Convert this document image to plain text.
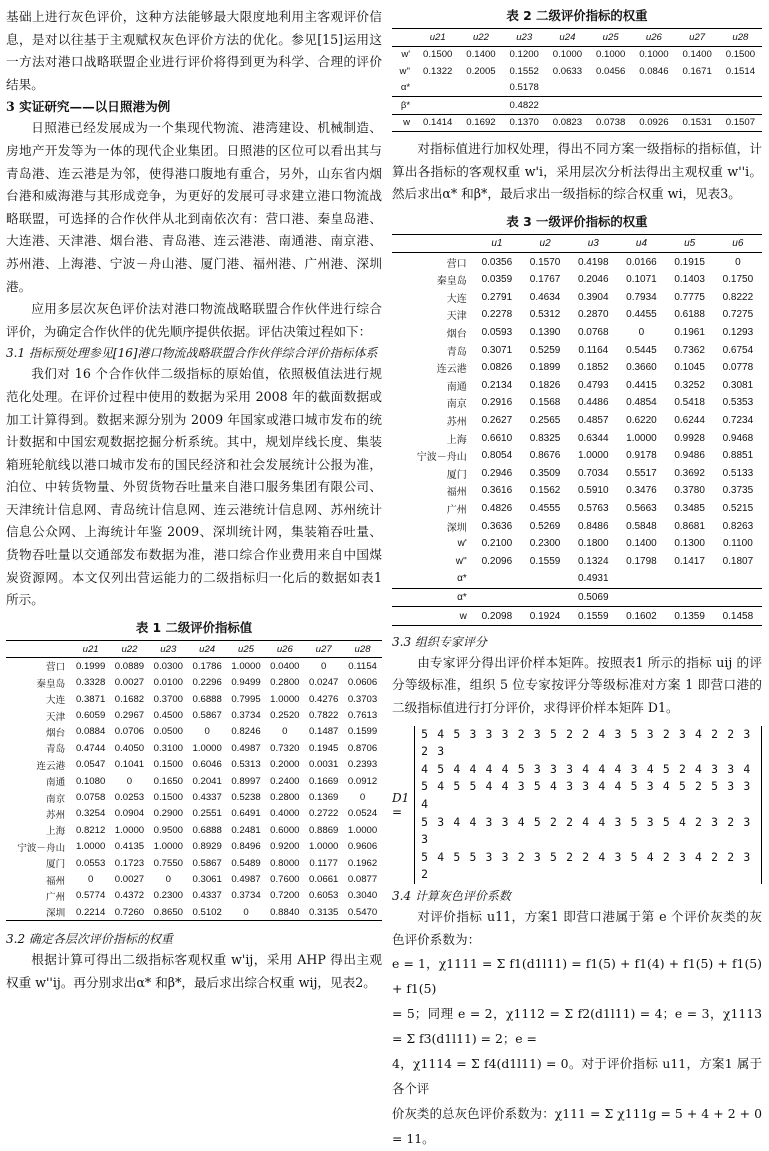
基础上进行灰色评价，这种方法能够最大限度地利用主客观评价信息，是对以往基于主观赋权灰色评价方法的优化。参见[15]运用这一方法对港口战略联盟企业进行评价将得到更为科学、合理的评价结果。

3 实证研究——以日照港为例

日照港已经发展成为一个集现代物流、港湾建设、机械制造、房地产开发等为一体的现代企业集团。日照港的区位可以看出其与青岛港、连云港是为邻，使得港口腹地有重合，另外，山东省内烟台港和威海港与其形成竞争，为更好的发展可寻求建立港口物流战略联盟，可选择的合作伙伴从北到南依次有：营口港、秦皇岛港、大连港、天津港、烟台港、青岛港、连云港港、南通港、南京港、苏州港、上海港、宁波－舟山港、厦门港、福州港、广州港、深圳港。

应用多层次灰色评价法对港口物流战略联盟合作伙伴进行综合评价，为确定合作伙伴的优先顺序提供依据。评估决策过程如下：

3.1 指标预处理参见[16]港口物流战略联盟合作伙伴综合评价指标体系

我们对 16 个合作伙伴二级指标的原始值，依照极值法进行规范化处理。在评价过程中使用的数据为采用 2008 年的截面数据或加工计算得到。数据来源分别为 2009 年国家或港口城市发布的统计数据和中国宏观数据挖掘分析系统。其中，规划岸线长度、集装箱班轮航线以港口城市发布的国民经济和社会发展统计公报为准，泊位、中转货物量、外贸货物吞吐量来自港口服务集团有限公司、天津统计信息网、青岛统计信息网、连云港统计信息网、苏州统计信息公众网、上海统计年鉴 2009、深圳统计网，集装箱吞吐量、货物吞吐量以交通部发布数据为准，港口综合作业费用来自中国煤炭资源网。本文仅列出营运能力的二级指标归一化后的数据如表1 所示。

表 1 二级评价指标值
	u21	u22	u23	u24	u25	u26	u27	u28
营口	0.1999	0.0889	0.0300	0.1786	1.0000	0.0400	0	0.1154
秦皇岛	0.3328	0.0027	0.0100	0.2296	0.9499	0.2800	0.0247	0.0606
大连	0.3871	0.1682	0.3700	0.6888	0.7995	1.0000	0.4276	0.3703
天津	0.6059	0.2967	0.4500	0.5867	0.3734	0.2520	0.7822	0.7613
烟台	0.0884	0.0706	0.0500	0	0.8246	0	0.1487	0.1599
青岛	0.4744	0.4050	0.3100	1.0000	0.4987	0.7320	0.1945	0.8706
连云港	0.0547	0.1041	0.1500	0.6046	0.5313	0.2000	0.0031	0.2393
南通	0.1080	0	0.1650	0.2041	0.8997	0.2400	0.1669	0.0912
南京	0.0758	0.0253	0.1500	0.4337	0.5238	0.2800	0.1369	0
苏州	0.3254	0.0904	0.2900	0.2551	0.6491	0.4000	0.2722	0.0524
上海	0.8212	1.0000	0.9500	0.6888	0.2481	0.6000	0.8869	1.0000
宁波－舟山	1.0000	0.4135	1.0000	0.8929	0.8496	0.9200	1.0000	0.9606
厦门	0.0553	0.1723	0.7550	0.5867	0.5489	0.8000	0.1177	0.1962
福州	0	0.0027	0	0.3061	0.4987	0.7600	0.0661	0.0877
广州	0.5774	0.4372	0.2300	0.4337	0.3734	0.7200	0.6053	0.3040
深圳	0.2214	0.7260	0.8650	0.5102	0	0.8840	0.3135	0.5470
3.2 确定各层次评价指标的权重

根据计算可得出二级指标客观权重 w'ij，采用 AHP 得出主观权重 w''ij。再分别求出α* 和β*，最后求出综合权重 wij，见表2。

表 2 二级评价指标的权重
	u21	u22	u23	u24	u25	u26	u27	u28
w'	0.1500	0.1400	0.1200	0.1000	0.1000	0.1000	0.1400	0.1500
w''	0.1322	0.2005	0.1552	0.0633	0.0456	0.0846	0.1671	0.1514
α*			0.5178					
β*			0.4822					
w	0.1414	0.1692	0.1370	0.0823	0.0738	0.0926	0.1531	0.1507

对指标值进行加权处理，得出不同方案一级指标的指标值，计算出各指标的客观权重 w'i，采用层次分析法得出主观权重 w''i。然后求出α* 和β*，最后求出一级指标的综合权重 wi，见表3。

表 3 一级评价指标的权重
	u1	u2	u3	u4	u5	u6
营口	0.0356	0.1570	0.4198	0.0166	0.1915	0
秦皇岛	0.0359	0.1767	0.2046	0.1071	0.1403	0.1750
大连	0.2791	0.4634	0.3904	0.7934	0.7775	0.8222
天津	0.2278	0.5312	0.2870	0.4455	0.6188	0.7275
烟台	0.0593	0.1390	0.0768	0	0.1961	0.1293
青岛	0.3071	0.5259	0.1164	0.5445	0.7362	0.6754
连云港	0.0826	0.1899	0.1852	0.3660	0.1045	0.0778
南通	0.2134	0.1826	0.4793	0.4415	0.3252	0.3081
南京	0.2916	0.1568	0.4486	0.4854	0.5418	0.5353
苏州	0.2627	0.2565	0.4857	0.6220	0.6244	0.7234
上海	0.6610	0.8325	0.6344	1.0000	0.9928	0.9468
宁波－舟山	0.8054	0.8676	1.0000	0.9178	0.9486	0.8851
厦门	0.2946	0.3509	0.7034	0.5517	0.3692	0.5133
福州	0.3616	0.1562	0.5910	0.3476	0.3780	0.3735
广州	0.4826	0.4555	0.5763	0.5663	0.3485	0.5215
深圳	0.3636	0.5269	0.8486	0.5848	0.8681	0.8263
w'	0.2100	0.2300	0.1800	0.1400	0.1300	0.1100
w''	0.2096	0.1559	0.1324	0.1798	0.1417	0.1807
α*			0.4931			
α*			0.5069			
w	0.2098	0.1924	0.1559	0.1602	0.1359	0.1458
3.3 组织专家评分

由专家评分得出评价样本矩阵。按照表1 所示的指标 uij 的评分等级标准，组织 5 位专家按评分等级标准对方案 1 即营口港的二级指标值进行打分评价，求得评价样本矩阵 D1。

D1 =
5 4 5 3 3 3 2 3 5 2 2 4 3 5 3 2 3 4 2 2 3 2 3
4 5 4 4 4 4 5 3 3 3 4 4 4 3 4 5 2 4 3 3 4
5 4 5 5 4 4 3 5 4 3 3 4 4 5 3 4 5 2 5 3 3 4
5 3 4 4 3 3 4 5 2 2 4 4 3 5 3 5 4 2 3 2 3 3
5 4 5 5 3 3 2 3 5 2 2 4 3 5 4 2 3 4 2 2 3 2
3.4 计算灰色评价系数

对评价指标 u11，方案1 即营口港属于第 e 个评价灰类的灰色评价系数为：

e = 1，χ1111 = Σ f1(d1l11) = f1(5) + f1(4) + f1(5) + f1(5) + f1(5)
= 5；同理 e = 2，χ1112 = Σ f2(d1l11) = 4；e = 3，χ1113 = Σ f3(d1l11) = 2；e =
4，χ1114 = Σ f4(d1l11) = 0。对于评价指标 u11，方案1 属于各个评
价灰类的总灰色评价系数为：χ111 = Σ χ111g = 5 + 4 + 2 + 0 = 11。
